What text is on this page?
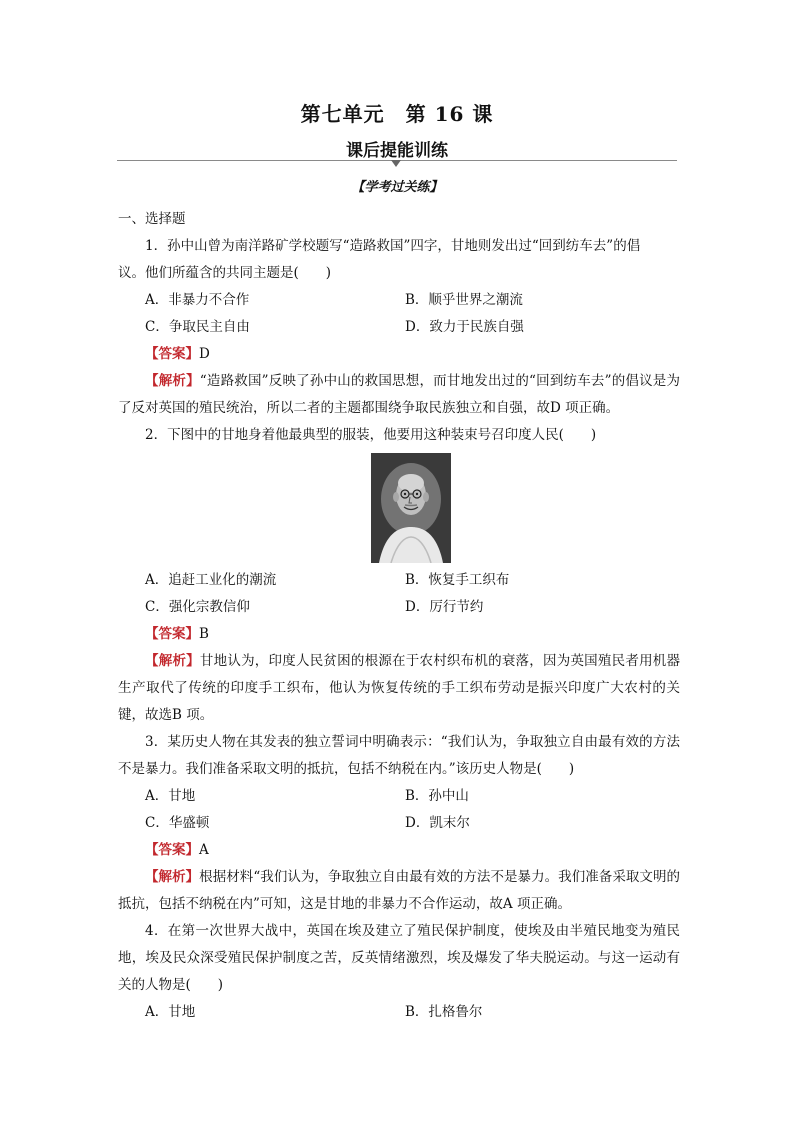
第七单元　第 16 课
课后提能训练
【学考过关练】
一、选择题
1．孙中山曾为南洋路矿学校题写“造路救国”四字，甘地则发出过“回到纺车去”的倡
议。他们所蕴含的共同主题是(　　)
A．非暴力不合作	B．顺乎世界之潮流
C．争取民主自由	D．致力于民族自强
【答案】D
【解析】“造路救国”反映了孙中山的救国思想，而甘地发出过的“回到纺车去”的倡议是为了反对英国的殖民统治，所以二者的主题都围绕争取民族独立和自强，故D 项正确。
2．下图中的甘地身着他最典型的服装，他要用这种装束号召印度人民(　　)
A．追赶工业化的潮流	B．恢复手工织布
C．强化宗教信仰	D．厉行节约
【答案】B
【解析】甘地认为，印度人民贫困的根源在于农村织布机的衰落，因为英国殖民者用机器生产取代了传统的印度手工织布，他认为恢复传统的手工织布劳动是振兴印度广大农村的关键，故选B 项。
3．某历史人物在其发表的独立誓词中明确表示：“我们认为，争取独立自由最有效的方法不是暴力。我们准备采取文明的抵抗，包括不纳税在内。”该历史人物是(　　)
A．甘地	B．孙中山
C．华盛顿	D．凯末尔
【答案】A
【解析】根据材料“我们认为，争取独立自由最有效的方法不是暴力。我们准备采取文明的抵抗，包括不纳税在内”可知，这是甘地的非暴力不合作运动，故A 项正确。
4．在第一次世界大战中，英国在埃及建立了殖民保护制度，使埃及由半殖民地变为殖民地，埃及民众深受殖民保护制度之苦，反英情绪激烈，埃及爆发了华夫脱运动。与这一运动有关的人物是(　　)
A．甘地	B．扎格鲁尔
